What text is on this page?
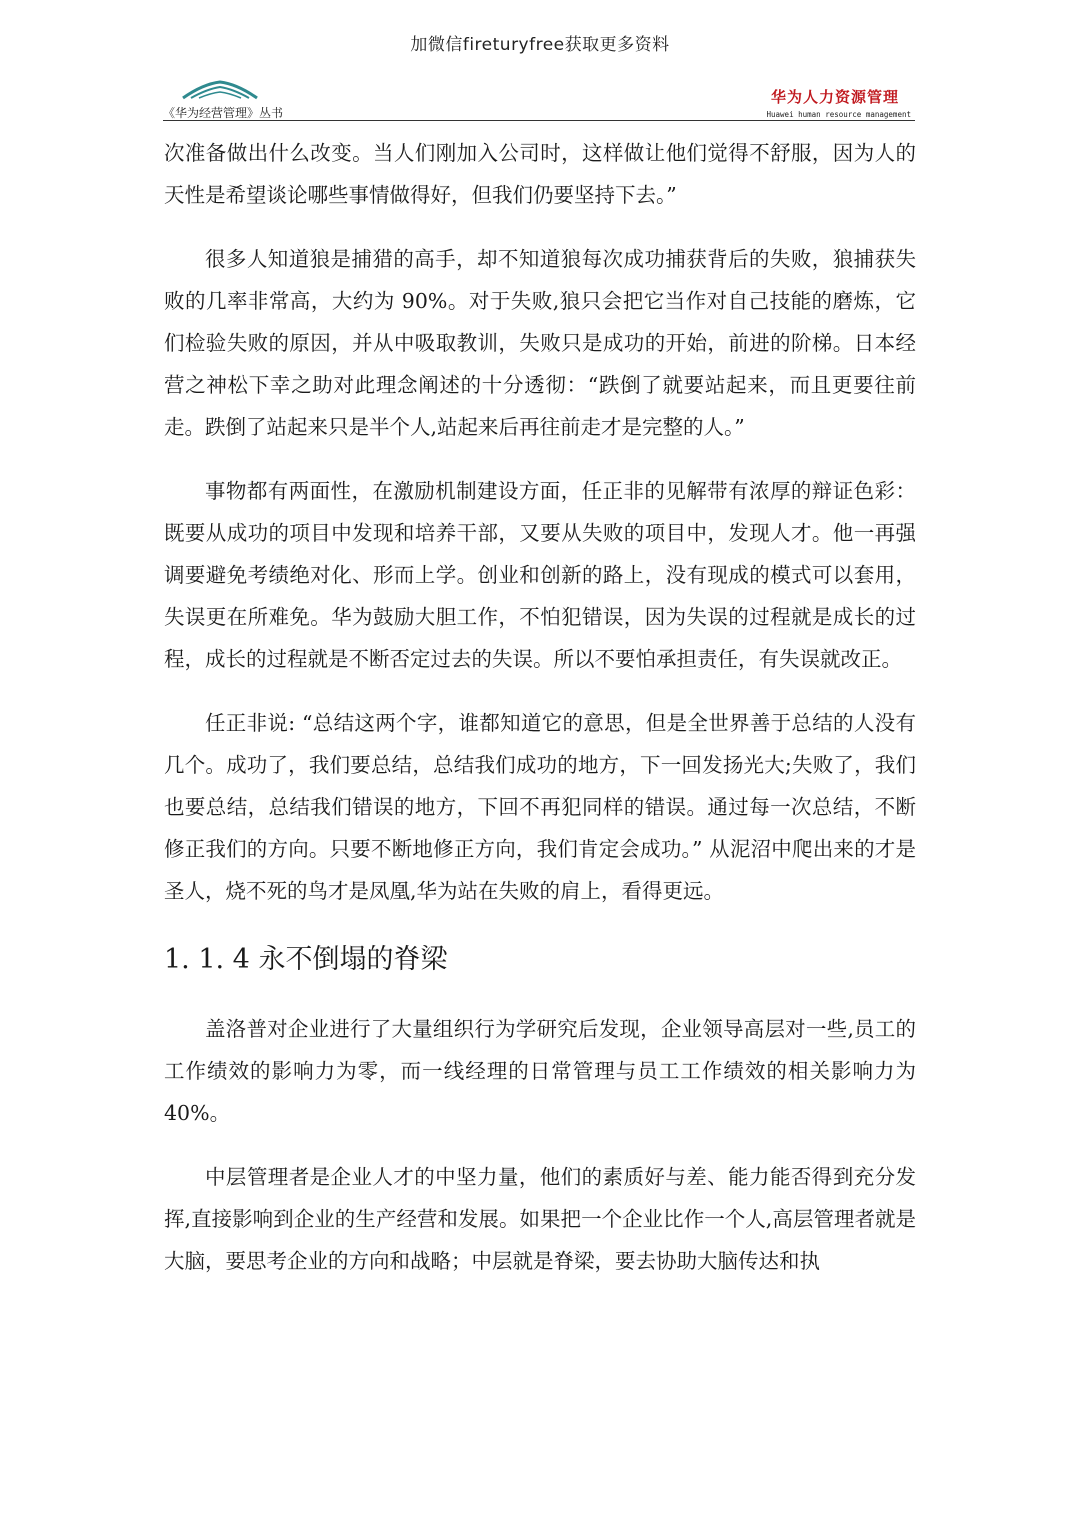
加微信fireturyfree获取更多资料
《华为经营管理》丛书
华为人力资源管理
Huawei human resource management

次准备做出什么改变。当人们刚加入公司时，这样做让他们觉得不舒服，因为人的天性是希望谈论哪些事情做得好，但我们仍要坚持下去。”

很多人知道狼是捕猎的高手，却不知道狼每次成功捕获背后的失败，狼捕获失败的几率非常高，大约为 90%。对于失败,狼只会把它当作对自己技能的磨炼，它们检验失败的原因，并从中吸取教训，失败只是成功的开始，前进的阶梯。日本经营之神松下幸之助对此理念阐述的十分透彻：“跌倒了就要站起来，而且更要往前走。跌倒了站起来只是半个人,站起来后再往前走才是完整的人。”

事物都有两面性，在激励机制建设方面，任正非的见解带有浓厚的辩证色彩：既要从成功的项目中发现和培养干部，又要从失败的项目中，发现人才。他一再强调要避免考绩绝对化、形而上学。创业和创新的路上，没有现成的模式可以套用，失误更在所难免。华为鼓励大胆工作，不怕犯错误，因为失误的过程就是成长的过程，成长的过程就是不断否定过去的失误。所以不要怕承担责任，有失误就改正。

任正非说: “总结这两个字，谁都知道它的意思，但是全世界善于总结的人没有几个。成功了，我们要总结，总结我们成功的地方，下一回发扬光大;失败了，我们也要总结，总结我们错误的地方，下回不再犯同样的错误。通过每一次总结，不断修正我们的方向。只要不断地修正方向，我们肯定会成功。” 从泥沼中爬出来的才是圣人，烧不死的鸟才是凤凰,华为站在失败的肩上，看得更远。

1. 1. 4 永不倒塌的脊梁

盖洛普对企业进行了大量组织行为学研究后发现，企业领导高层对一些,员工的工作绩效的影响力为零，而一线经理的日常管理与员工工作绩效的相关影响力为 40%。

中层管理者是企业人才的中坚力量，他们的素质好与差、能力能否得到充分发挥,直接影响到企业的生产经营和发展。如果把一个企业比作一个人,高层管理者就是大脑，要思考企业的方向和战略；中层就是脊梁，要去协助大脑传达和执
